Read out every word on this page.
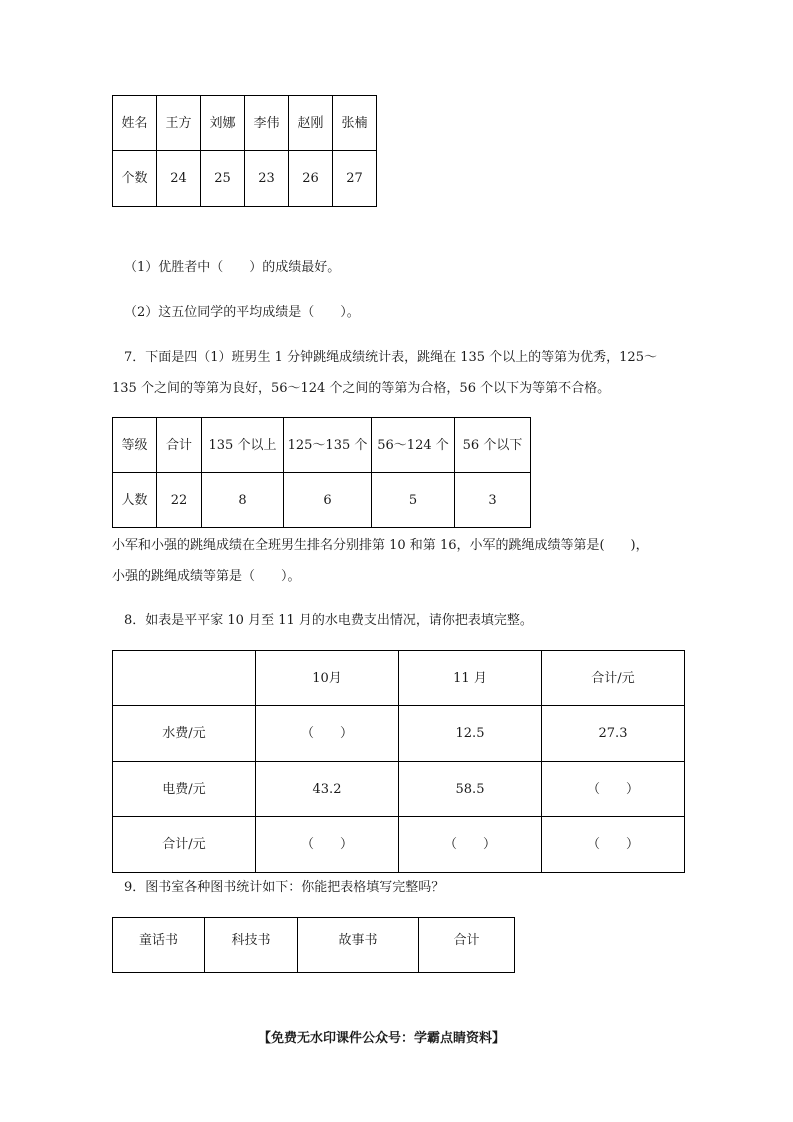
姓名	王方	刘娜	李伟	赵刚	张楠
个数	24	25	23	26	27
（1）优胜者中（　　）的成绩最好。
（2）这五位同学的平均成绩是（　　）。
7．下面是四（1）班男生 1 分钟跳绳成绩统计表，跳绳在 135 个以上的等第为优秀，125～
135 个之间的等第为良好，56～124 个之间的等第为合格，56 个以下为等第不合格。
等级	合计	135 个以上	125～135 个	56～124 个	56 个以下
人数	22	8	6	5	3
小军和小强的跳绳成绩在全班男生排名分别排第 10 和第 16，小军的跳绳成绩等第是(　　)，
小强的跳绳成绩等第是（　　）。
8．如表是平平家 10 月至 11 月的水电费支出情况，请你把表填完整。
	10月	11 月	合计/元
水费/元	（　　）	12.5	27.3
电费/元	43.2	58.5	（　　）
合计/元	（　　）	（　　）	（　　）
9．图书室各种图书统计如下：你能把表格填写完整吗？
童话书	科技书	故事书	合计
【免费无水印课件公众号：学霸点睛资料】
